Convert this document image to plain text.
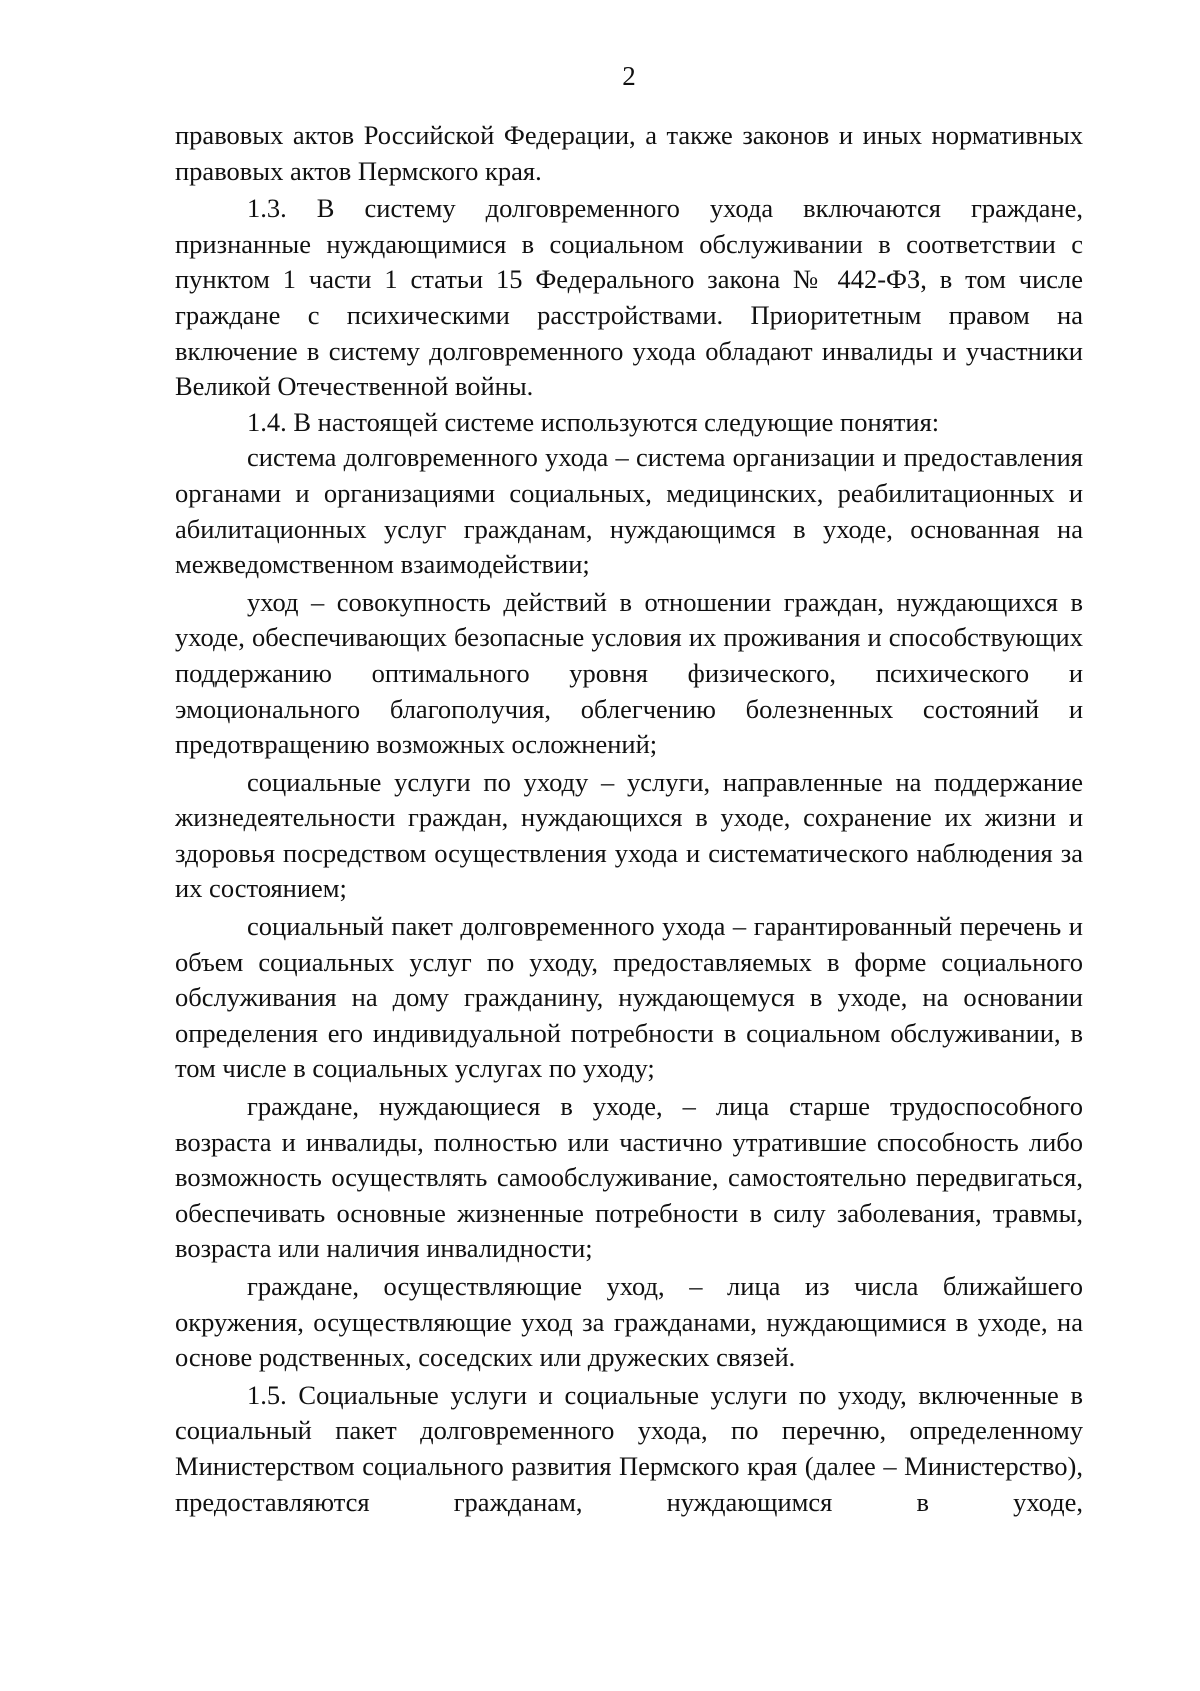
2

правовых актов Российской Федерации, а также законов и иных нормативных правовых актов Пермского края.

1.3. В систему долговременного ухода включаются граждане, признанные нуждающимися в социальном обслуживании в соответствии с пунктом 1 части 1 статьи 15 Федерального закона № 442-ФЗ, в том числе граждане с психическими расстройствами. Приоритетным правом на включение в систему долговременного ухода обладают инвалиды и участники Великой Отечественной войны.

1.4. В настоящей системе используются следующие понятия:

система долговременного ухода – система организации и предоставления органами и организациями социальных, медицинских, реабилитационных и абилитационных услуг гражданам, нуждающимся в уходе, основанная на межведомственном взаимодействии;

уход – совокупность действий в отношении граждан, нуждающихся в уходе, обеспечивающих безопасные условия их проживания и способствующих поддержанию оптимального уровня физического, психического и эмоционального благополучия, облегчению болезненных состояний и предотвращению возможных осложнений;

социальные услуги по уходу – услуги, направленные на поддержание жизнедеятельности граждан, нуждающихся в уходе, сохранение их жизни и здоровья посредством осуществления ухода и систематического наблюдения за их состоянием;

социальный пакет долговременного ухода – гарантированный перечень и объем социальных услуг по уходу, предоставляемых в форме социального обслуживания на дому гражданину, нуждающемуся в уходе, на основании определения его индивидуальной потребности в социальном обслуживании, в том числе в социальных услугах по уходу;

граждане, нуждающиеся в уходе, – лица старше трудоспособного возраста и инвалиды, полностью или частично утратившие способность либо возможность осуществлять самообслуживание, самостоятельно передвигаться, обеспечивать основные жизненные потребности в силу заболевания, травмы, возраста или наличия инвалидности;

граждане, осуществляющие уход, – лица из числа ближайшего окружения, осуществляющие уход за гражданами, нуждающимися в уходе, на основе родственных, соседских или дружеских связей.

1.5. Социальные услуги и социальные услуги по уходу, включенные в социальный пакет долговременного ухода, по перечню, определенному Министерством социального развития Пермского края (далее – Министерство), предоставляются гражданам, нуждающимся в уходе,
